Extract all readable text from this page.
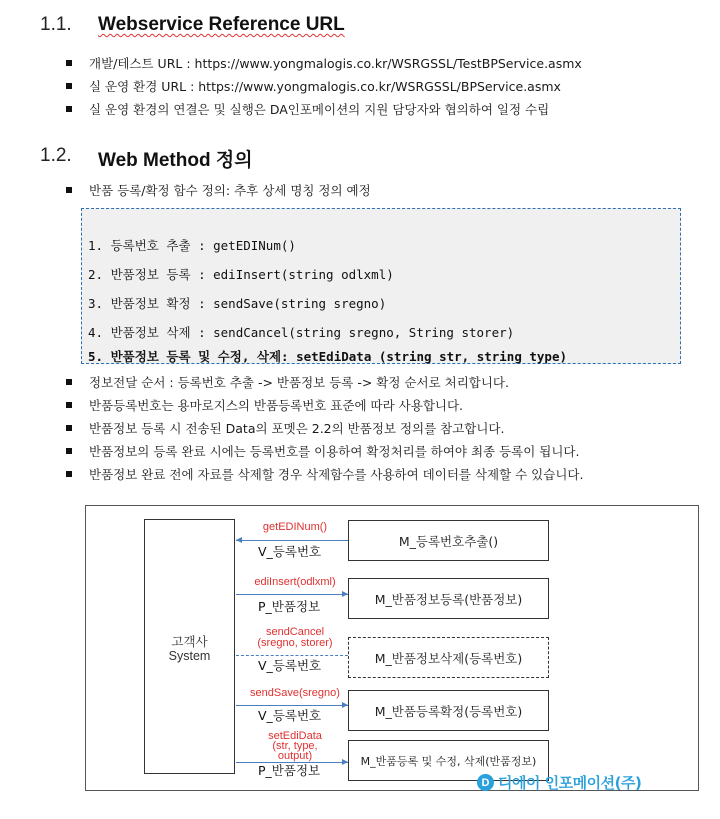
1.1. Webservice Reference URL
개발/테스트 URL : https://www.yongmalogis.co.kr/WSRGSSL/TestBPService.asmx
실 운영 환경 URL : https://www.yongmalogis.co.kr/WSRGSSL/BPService.asmx
실 운영 환경의 연결은 및 실행은 DA인포메이션의 지원 담당자와 협의하여 일정 수립
1.2. Web Method 정의
반품 등록/확정 함수 정의: 추후 상세 명칭 정의 예정
1. 등록번호 추출 : getEDINum()
2. 반품정보 등록 : ediInsert(string odlxml)
3. 반품정보 확정 : sendSave(string sregno)
4. 반품정보 삭제 : sendCancel(string sregno, String storer)
5. 반품정보 등록 및 수정, 삭제: setEdiData (string str, string type)
정보전달 순서 : 등록번호 추출 -> 반품정보 등록 -> 확정 순서로 처리합니다.
반품등록번호는 용마로지스의 반품등록번호 표준에 따라 사용합니다.
반품정보 등록 시 전송된 Data의 포멧은 2.2의 반품정보 정의를 참고합니다.
반품정보의 등록 완료 시에는 등록번호를 이용하여 확정처리를 하여야 최종 등록이 됩니다.
반품정보 완료 전에 자료를 삭제할 경우 삭제함수를 사용하여 데이터를 삭제할 수 있습니다.
고객사
System
getEDINum()
V_등록번호
M_등록번호추출()
ediInsert(odlxml)
P_반품정보	M_반품정보등록(반품정보)
sendCancel
(sregno, storer)
V_등록번호	M_반품정보삭제(등록번호)
sendSave(sregno)
V_등록번호	M_반품등록확정(등록번호)
setEdiData
(str, type,
output)
P_반품정보
M_반품등록 및 수정, 삭제(반품정보)
D 디에이 인포메이션(주)
